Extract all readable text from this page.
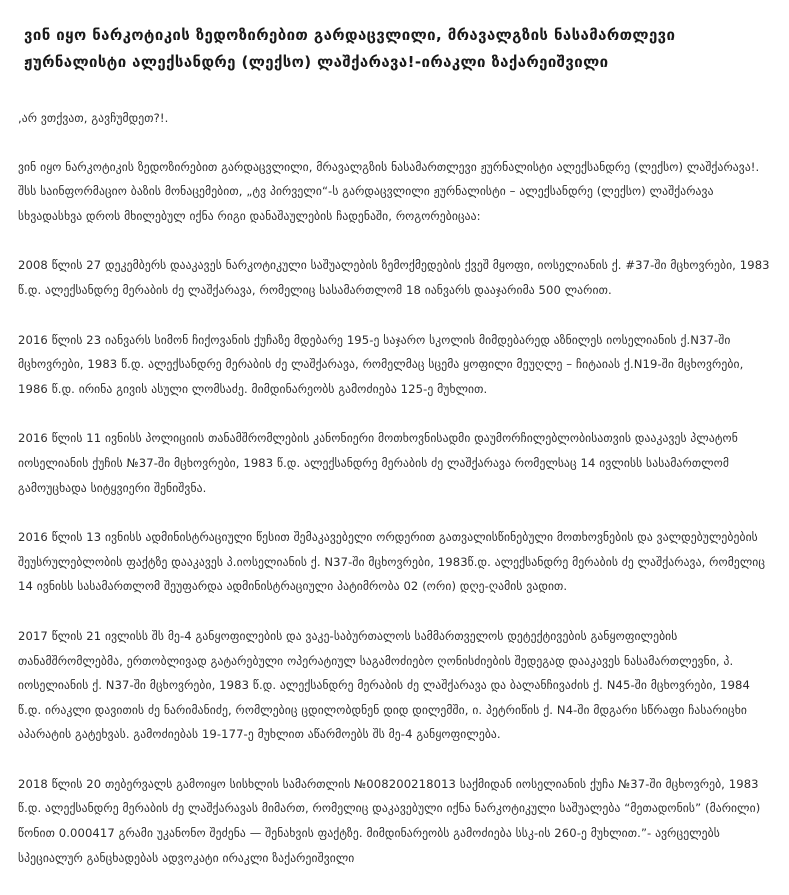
ვინ იყო ნარკოტიკის ზედოზირებით გარდაცვლილი, მრავალგზის ნასამართლევი ჟურნალისტი ალექსანდრე (ლექსო) ლაშქარავა!-ირაკლი ზაქარეიშვილი

,არ ვთქვათ, გავჩუმდეთ?!.

ვინ იყო ნარკოტიკის ზედოზირებით გარდაცვლილი, მრავალგზის ნასამართლევი ჟურნალისტი ალექსანდრე (ლექსო) ლაშქარავა!. შსს საინფორმაციო ბაზის მონაცემებით, „ტვ პირველი“-ს გარდაცვლილი ჟურნალისტი – ალექსანდრე (ლექსო) ლაშქარავა სხვადასხვა დროს მხილებულ იქნა რიგი დანაშაულების ჩადენაში, როგორებიცაა:

2008 წლის 27 დეკემბერს დააკავეს ნარკოტიკული საშუალების ზემოქმედების ქვეშ მყოფი, იოსელიანის ქ. #37-ში მცხოვრები, 1983 წ.დ. ალექსანდრე მერაბის ძე ლაშქარავა, რომელიც სასამართლომ 18 იანვარს დააჯარიმა 500 ლარით.

2016 წლის 23 იანვარს სიმონ ჩიქოვანის ქუჩაზე მდებარე 195-ე საჯარო სკოლის მიმდებარედ აზნილეს იოსელიანის ქ.N37-ში მცხოვრები, 1983 წ.დ. ალექსანდრე მერაბის ძე ლაშქარავა, რომელმაც სცემა ყოფილი მეუღლე – ჩიტაიას ქ.N19-ში მცხოვრები, 1986 წ.დ. ირინა გივის ასული ლომსაძე. მიმდინარეობს გამოძიება 125-ე მუხლით.

2016 წლის 11 ივნისს პოლიციის თანამშრომლების კანონიერი მოთხოვნისადმი დაუმორჩილებლობისათვის დააკავეს პლატონ იოსელიანის ქუჩის №37-ში მცხოვრები, 1983 წ.დ. ალექსანდრე მერაბის ძე ლაშქარავა რომელსაც 14 ივლისს სასამართლომ გამოუცხადა სიტყვიერი შენიშვნა.

2016 წლის 13 ივნისს ადმინისტრაციული წესით შემაკავებელი ორდერით გათვალისწინებული მოთხოვნების და ვალდებულებების შეუსრულებლობის ფაქტზე დააკავეს პ.იოსელიანის ქ. N37-ში მცხოვრები, 1983წ.დ. ალექსანდრე მერაბის ძე ლაშქარავა, რომელიც 14 ივნისს სასამართლომ შეუფარდა ადმინისტრაციული პატიმრობა 02 (ორი) დღე-ღამის ვადით.

2017 წლის 21 ივლისს შს მე-4 განყოფილების და ვაკე-საბურთალოს სამმართველოს დეტექტივების განყოფილების თანამშრომლებმა, ერთობლივად გატარებული ოპერატიულ საგამოძიებო ღონისძიების შედეგად დააკავეს ნასამართლევნი, პ. იოსელიანის ქ. N37-ში მცხოვრები, 1983 წ.დ. ალექსანდრე მერაბის ძე ლაშქარავა და ბალანჩივაძის ქ. N45-ში მცხოვრები, 1984 წ.დ. ირაკლი დავითის ძე ნარიმანიძე, რომლებიც ცდილობდნენ დიდ დილემში, ი. პეტრიწის ქ. N4-ში მდგარი სწრაფი ჩასარიცხი აპარატის გატეხვას. გამოძიებას 19-177-ე მუხლით აწარმოებს შს მე-4 განყოფილება.

2018 წლის 20 თებერვალს გამოიყო სისხლის სამართლის №008200218013 საქმიდან იოსელიანის ქუჩა №37-ში მცხოვრებ, 1983 წ.დ. ალექსანდრე მერაბის ძე ლაშქარავას მიმართ, რომელიც დაკავებული იქნა ნარკოტიკული საშუალება “მეთადონის” (მარილი) წონით 0.000417 გრამი უკანონო შეძენა — შენახვის ფაქტზე. მიმდინარეობს გამოძიება სსკ-ის 260-ე მუხლით.”- ავრცელებს სპეციალურ განცხადებას ადვოკატი ირაკლი ზაქარეიშვილი
